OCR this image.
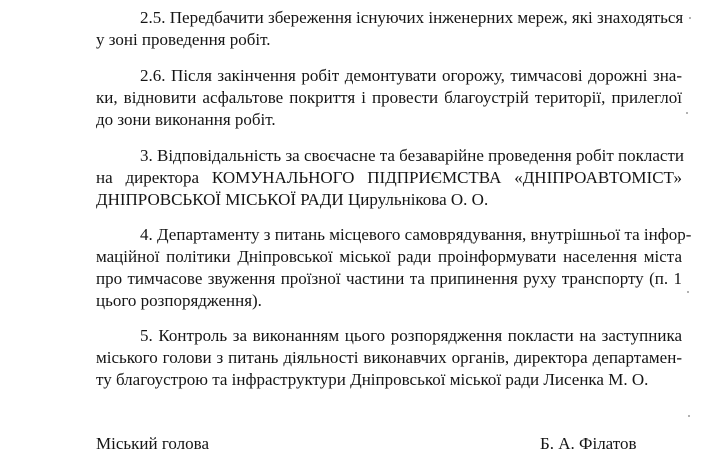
2.5. Передбачити збереження існуючих інженерних мереж, які знаходяться
у зоні проведення робіт.
2.6. Після закінчення робіт демонтувати огорожу, тимчасові дорожні зна-
ки, відновити асфальтове покриття і провести благоустрій території, прилеглої
до зони виконання робіт.
3. Відповідальність за своєчасне та безаварійне проведення робіт покласти
на директора КОМУНАЛЬНОГО ПІДПРИЄМСТВА «ДНІПРОАВТОМІСТ»
ДНІПРОВСЬКОЇ МІСЬКОЇ РАДИ Цирульнікова О. О.
4. Департаменту з питань місцевого самоврядування, внутрішньої та інфор-
маційної політики Дніпровської міської ради проінформувати населення міста
про тимчасове звуження проїзної частини та припинення руху транспорту (п. 1
цього розпорядження).
5. Контроль за виконанням цього розпорядження покласти на заступника
міського голови з питань діяльності виконавчих органів, директора департамен-
ту благоустрою та інфраструктури Дніпровської міської ради Лисенка М. О.
Міський голова	Б. А. Філатов
